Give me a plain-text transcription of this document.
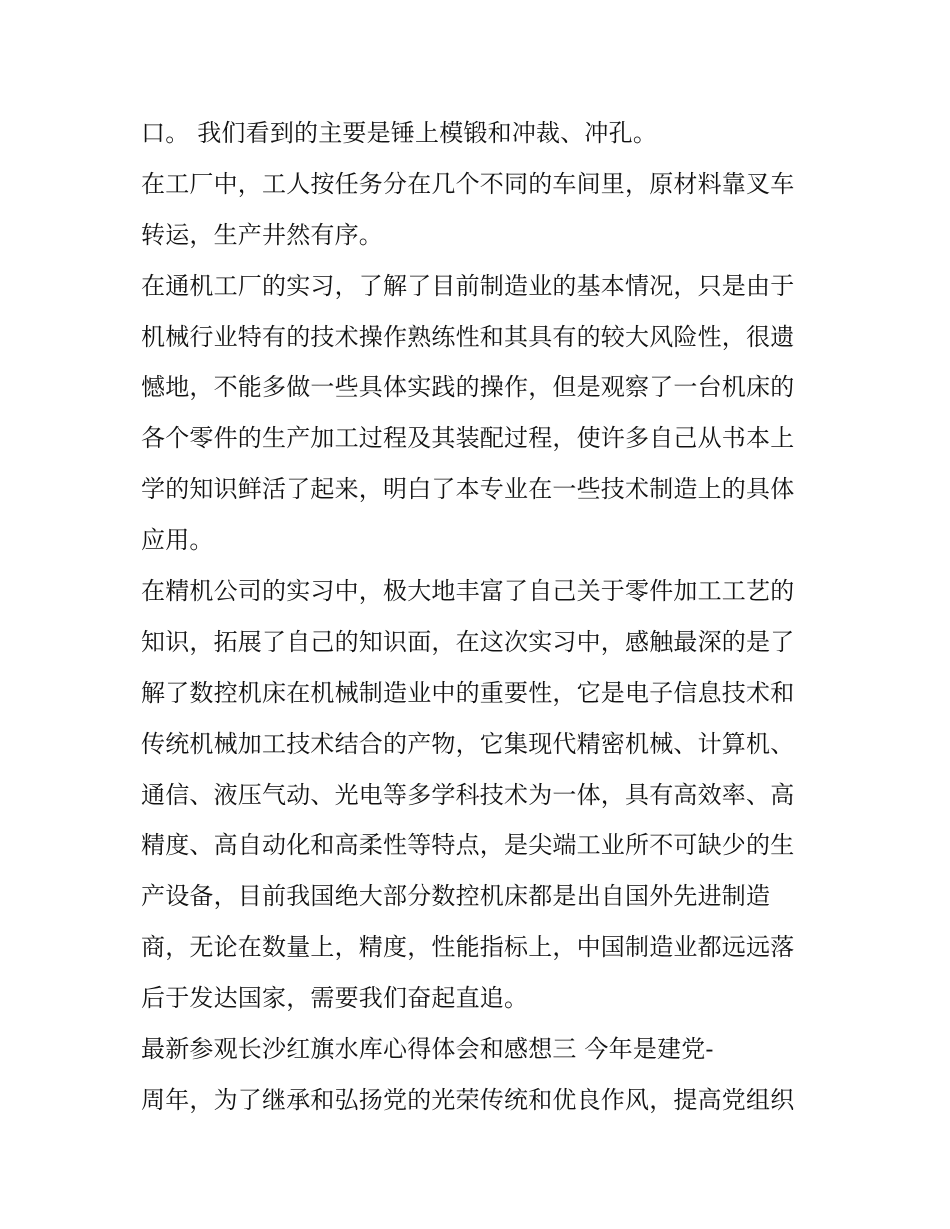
口。 我们看到的主要是锤上模锻和冲裁、冲孔。
在工厂中，工人按任务分在几个不同的车间里，原材料靠叉车
转运，生产井然有序。
在通机工厂的实习，了解了目前制造业的基本情况，只是由于
机械行业特有的技术操作熟练性和其具有的较大风险性，很遗
憾地，不能多做一些具体实践的操作，但是观察了一台机床的
各个零件的生产加工过程及其装配过程，使许多自己从书本上
学的知识鲜活了起来，明白了本专业在一些技术制造上的具体
应用。
在精机公司的实习中，极大地丰富了自己关于零件加工工艺的
知识，拓展了自己的知识面，在这次实习中，感触最深的是了
解了数控机床在机械制造业中的重要性，它是电子信息技术和
传统机械加工技术结合的产物，它集现代精密机械、计算机、
通信、液压气动、光电等多学科技术为一体，具有高效率、高
精度、高自动化和高柔性等特点，是尖端工业所不可缺少的生
产设备，目前我国绝大部分数控机床都是出自国外先进制造
商，无论在数量上，精度，性能指标上，中国制造业都远远落
后于发达国家，需要我们奋起直追。
最新参观长沙红旗水库心得体会和感想三 今年是建党-
周年，为了继承和弘扬党的光荣传统和优良作风，提高党组织
